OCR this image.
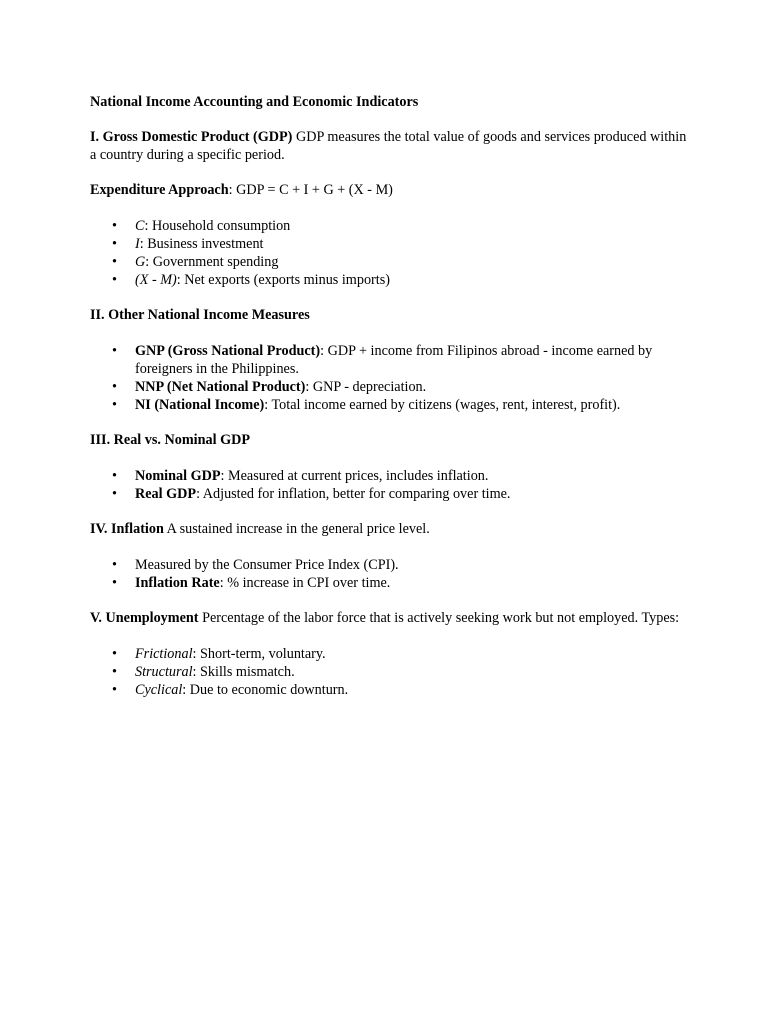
National Income Accounting and Economic Indicators

I. Gross Domestic Product (GDP) GDP measures the total value of goods and services produced within a country during a specific period.

Expenditure Approach: GDP = C + I + G + (X - M)

• C: Household consumption
• I: Business investment
• G: Government spending
• (X - M): Net exports (exports minus imports)

II. Other National Income Measures

• GNP (Gross National Product): GDP + income from Filipinos abroad - income earned by foreigners in the Philippines.
• NNP (Net National Product): GNP - depreciation.
• NI (National Income): Total income earned by citizens (wages, rent, interest, profit).

III. Real vs. Nominal GDP

• Nominal GDP: Measured at current prices, includes inflation.
• Real GDP: Adjusted for inflation, better for comparing over time.

IV. Inflation A sustained increase in the general price level.

• Measured by the Consumer Price Index (CPI).
• Inflation Rate: % increase in CPI over time.

V. Unemployment Percentage of the labor force that is actively seeking work but not employed. Types:

• Frictional: Short-term, voluntary.
• Structural: Skills mismatch.
• Cyclical: Due to economic downturn.
